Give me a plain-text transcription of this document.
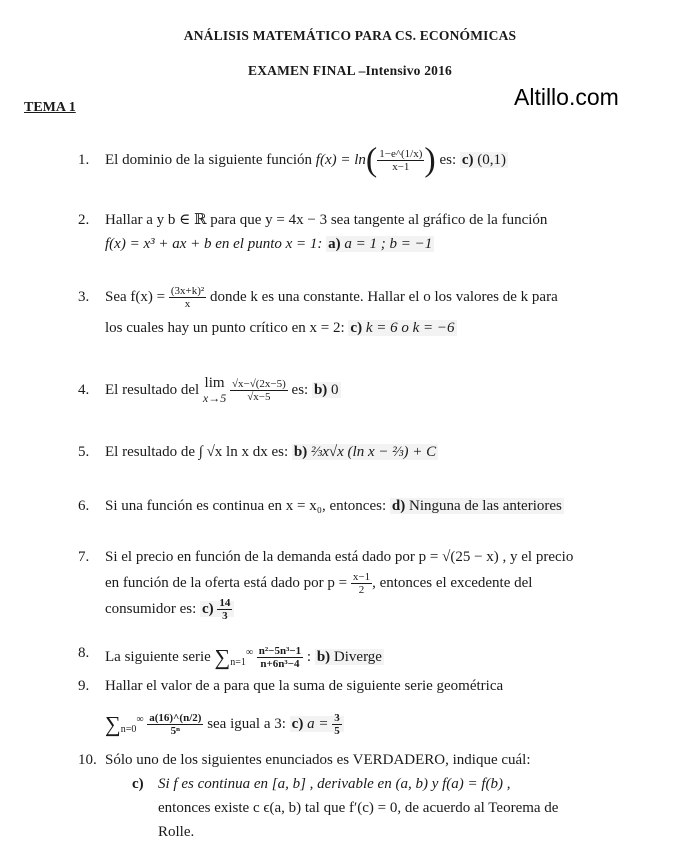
ANÁLISIS MATEMÁTICO PARA CS. ECONÓMICAS
EXAMEN FINAL –Intensivo 2016
TEMA 1	Altillo.com
1. El dominio de la siguiente función $f(x) = \ln( \frac{1-e\^{}(1/x)}{x-1}$ ) es: c) (0,1)
2. Hallar a y b ∈ ℝ para que y = 4x − 3 sea tangente al gráfico de la función
f(x) = x³ + ax + b en el punto x = 1: a) a = 1 ; b = −1
3. Sea $f(x) = \frac{\text{(3x+k)²}}{x}$ donde k es una constante. Hallar el o los valores de k para
los cuales hay un punto crítico en x = 2: c) k = 6 o k = −6
4. El resultado del lim
x→5
$\frac{√x-√(2x-5)}{√x-5}$ es: b) 0
5. El resultado de ∫ √x ln x dx es: b) ⅔x√x (ln x − ⅔) + C
6. Si una función es continua en x = x₀, entonces: d) Ninguna de las anteriores
7. Si el precio en función de la demanda está dado por p = √(25 − x) , y el precio
en función de la oferta está dado por $p = \frac{x-1}{2}$ , entonces el excedente del
consumidor es: $c) \frac{14}{3}$
8. La siguiente serie $\sum_{n=1}^\infty \frac{\text{n²−5n³−1}}{\text{n+6n³−4}}$ : b) Diverge
9. Hallar el valor de a para que la suma de siguiente serie geométrica
$\sum_{n=0}^\infty \frac{a(16)\^{}(n/2)}{\text{5ⁿ}}$ sea igual a 3: c) $a = \frac{3}{5}$
10. Sólo uno de los siguientes enunciados es VERDADERO, indique cuál:
c) Si f es continua en [a, b] , derivable en (a, b) y f(a) = f(b) ,
entonces existe c ϵ(a, b) tal que f′(c) = 0, de acuerdo al Teorema de
Rolle.
